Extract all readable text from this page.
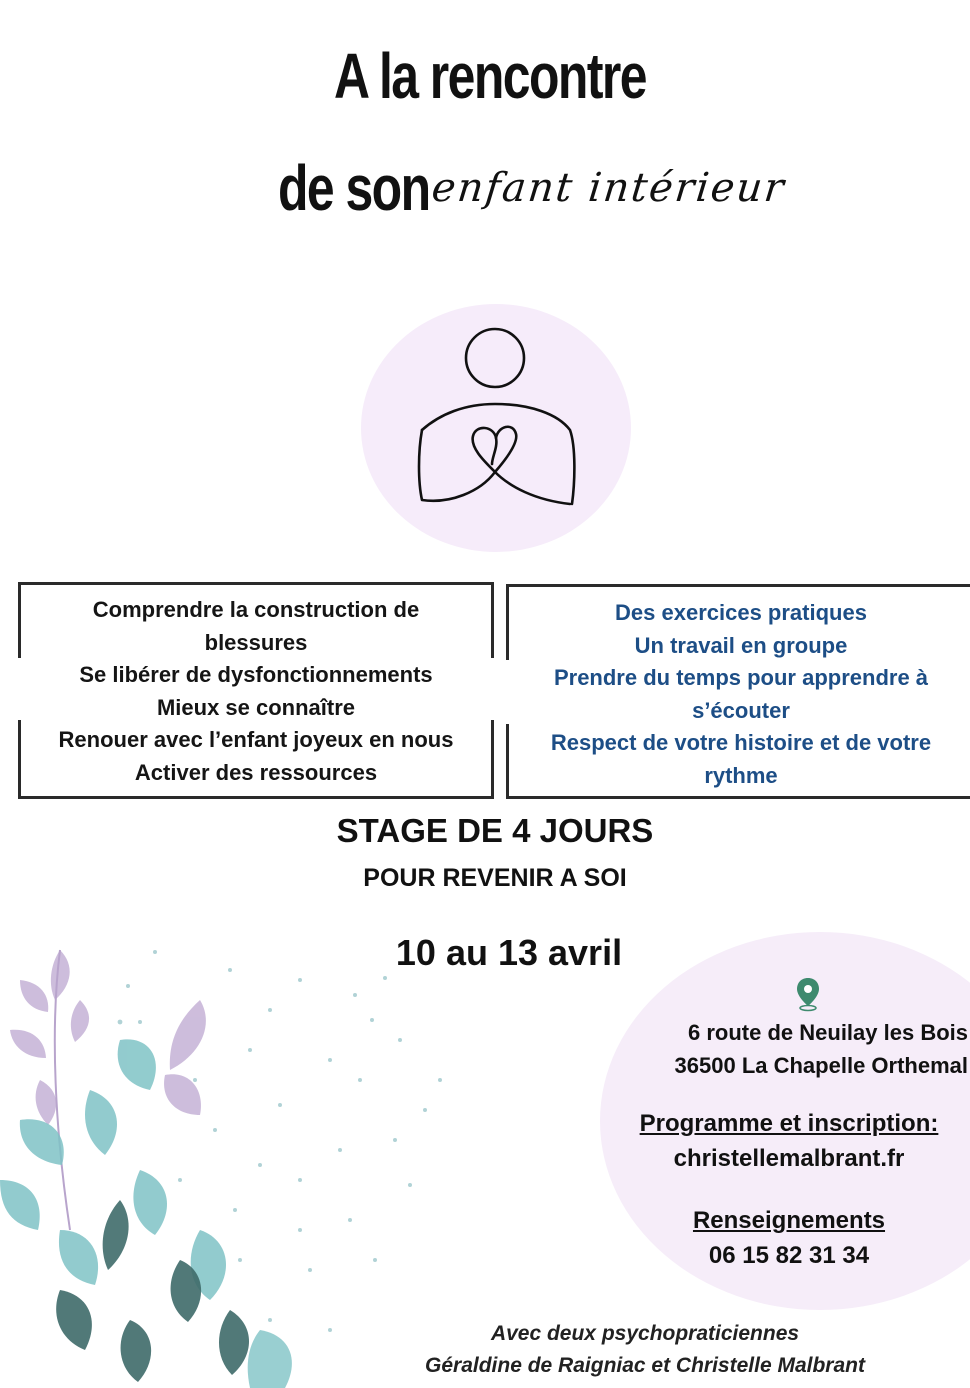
A la rencontre
de sonenfant intérieur
Comprendre la construction de
blessures
Se libérer de dysfonctionnements
Mieux se connaître
Renouer avec l’enfant joyeux en nous
Activer des ressources
Des exercices pratiques
Un travail en groupe
Prendre du temps pour apprendre à
s’écouter
Respect de votre histoire et de votre
rythme
STAGE DE 4 JOURS
POUR REVENIR A SOI
10 au 13 avril
6 route de Neuilay les Bois
36500 La Chapelle Orthemal
Programme et inscription:
christellemalbrant.fr
Renseignements
06 15 82 31 34
Avec deux psychopraticiennes
Géraldine de Raigniac et Christelle Malbrant
